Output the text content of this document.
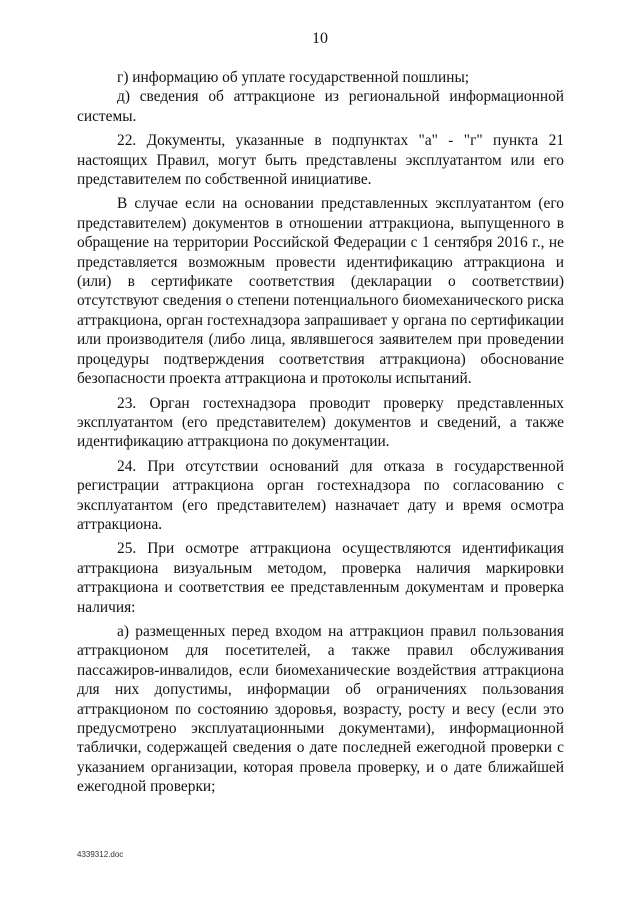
10

г) информацию об уплате государственной пошлины;

д) сведения об аттракционе из региональной информационной системы.

22. Документы, указанные в подпунктах "а" - "г" пункта 21 настоящих Правил, могут быть представлены эксплуатантом или его представителем по собственной инициативе.

В случае если на основании представленных эксплуатантом (его представителем) документов в отношении аттракциона, выпущенного в обращение на территории Российской Федерации с 1 сентября 2016 г., не представляется возможным провести идентификацию аттракциона и (или) в сертификате соответствия (декларации о соответствии) отсутствуют сведения о степени потенциального биомеханического риска аттракциона, орган гостехнадзора запрашивает у органа по сертификации или производителя (либо лица, являвшегося заявителем при проведении процедуры подтверждения соответствия аттракциона) обоснование безопасности проекта аттракциона и протоколы испытаний.

23. Орган гостехнадзора проводит проверку представленных эксплуатантом (его представителем) документов и сведений, а также идентификацию аттракциона по документации.

24. При отсутствии оснований для отказа в государственной регистрации аттракциона орган гостехнадзора по согласованию с эксплуатантом (его представителем) назначает дату и время осмотра аттракциона.

25. При осмотре аттракциона осуществляются идентификация аттракциона визуальным методом, проверка наличия маркировки аттракциона и соответствия ее представленным документам и проверка наличия:

а) размещенных перед входом на аттракцион правил пользования аттракционом для посетителей, а также правил обслуживания пассажиров-инвалидов, если биомеханические воздействия аттракциона для них допустимы, информации об ограничениях пользования аттракционом по состоянию здоровья, возрасту, росту и весу (если это предусмотрено эксплуатационными документами), информационной таблички, содержащей сведения о дате последней ежегодной проверки с указанием организации, которая провела проверку, и о дате ближайшей ежегодной проверки;

4339312.doc
